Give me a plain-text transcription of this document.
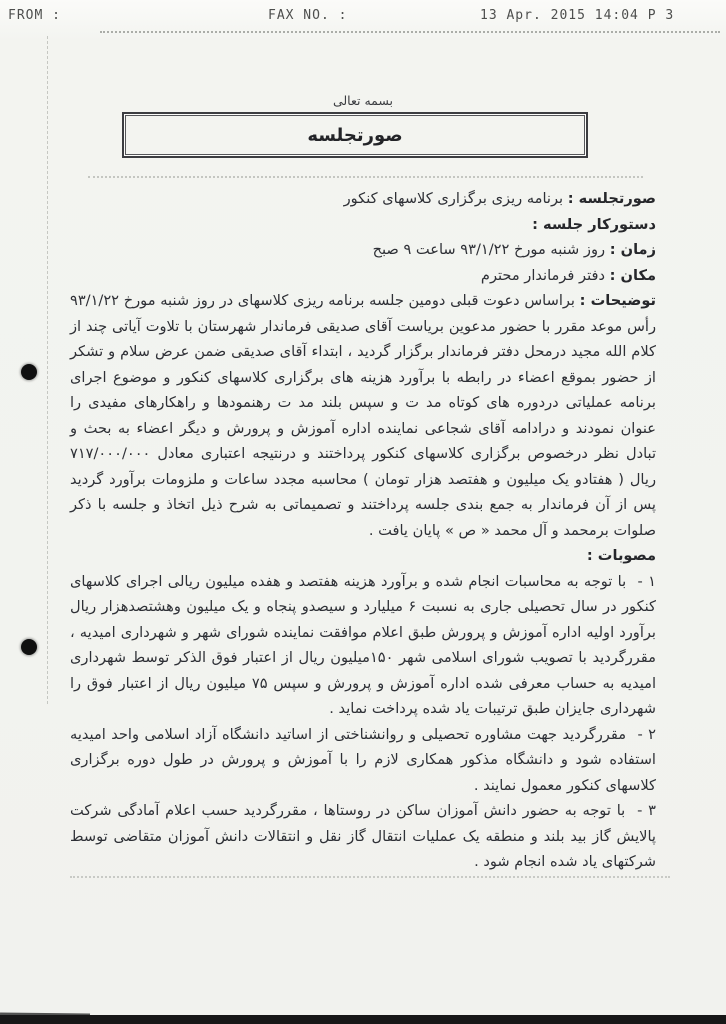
FROM :	FAX NO. :	13 Apr. 2015 14:04 P 3
بسمه تعالی
صورتجلسه

صورتجلسه : برنامه ریزی برگزاری کلاسهای کنکور

دستورکار جلسه :

زمان : روز شنبه مورخ ۹۳/۱/۲۲ ساعت ۹ صبح

مکان : دفتر فرماندار محترم

توضیحات : براساس دعوت قبلی دومین جلسه برنامه ریزی کلاسهای در روز شنبه مورخ ۹۳/۱/۲۲ رأس موعد مقرر با حضور مدعوین بریاست آقای صدیقی فرماندار شهرستان با تلاوت آیاتی چند از کلام الله مجید درمحل دفتر فرماندار برگزار گردید ، ابتداء آقای صدیقی ضمن عرض سلام و تشکر از حضور بموقع اعضاء در رابطه با برآورد هزینه های برگزاری کلاسهای کنکور و موضوع اجرای برنامه عملیاتی دردوره های کوتاه مد ت و سپس بلند مد ت رهنمودها و راهکارهای مفیدی را عنوان نمودند و درادامه آقای شجاعی نماینده اداره آموزش و پرورش و دیگر اعضاء به بحث و تبادل نظر درخصوص برگزاری کلاسهای کنکور پرداختند و درنتیجه اعتباری معادل ۷۱۷/۰۰۰/۰۰۰ ریال ( هفتادو یک میلیون و هفتصد هزار تومان ) محاسبه مجدد ساعات و ملزومات برآورد گردید پس از آن فرماندار به جمع بندی جلسه پرداختند و تصمیماتی به شرح ذیل اتخاذ و جلسه با ذکر صلوات برمحمد و آل محمد « ص » پایان یافت .

مصوبات :

۱ - با توجه به محاسبات انجام شده و برآورد هزینه هفتصد و هفده میلیون ریالی اجرای کلاسهای کنکور در سال تحصیلی جاری به نسبت ۶ میلیارد و سیصدو پنجاه و یک میلیون وهشتصدهزار ریال برآورد اولیه اداره آموزش و پرورش طبق اعلام موافقت نماینده شورای شهر و شهرداری امیدیه ، مقررگردید با تصویب شورای اسلامی شهر ۱۵۰میلیون ریال از اعتبار فوق الذکر توسط شهرداری امیدیه به حساب معرفی شده اداره آموزش و پرورش و سپس ۷۵ میلیون ریال از اعتبار فوق را شهرداری جایزان طبق ترتیبات یاد شده پرداخت نماید .

۲ - مقررگردید جهت مشاوره تحصیلی و روانشناختی از اساتید دانشگاه آزاد اسلامی واحد امیدیه استفاده شود و دانشگاه مذکور همکاری لازم را با آموزش و پرورش در طول دوره برگزاری کلاسهای کنکور معمول نمایند .

۳ - با توجه به حضور دانش آموزان ساکن در روستاها ، مقررگردید حسب اعلام آمادگی شرکت پالایش گاز بید بلند و منطقه یک عملیات انتقال گاز نقل و انتقالات دانش آموزان متقاضی توسط شرکتهای یاد شده انجام شود .
